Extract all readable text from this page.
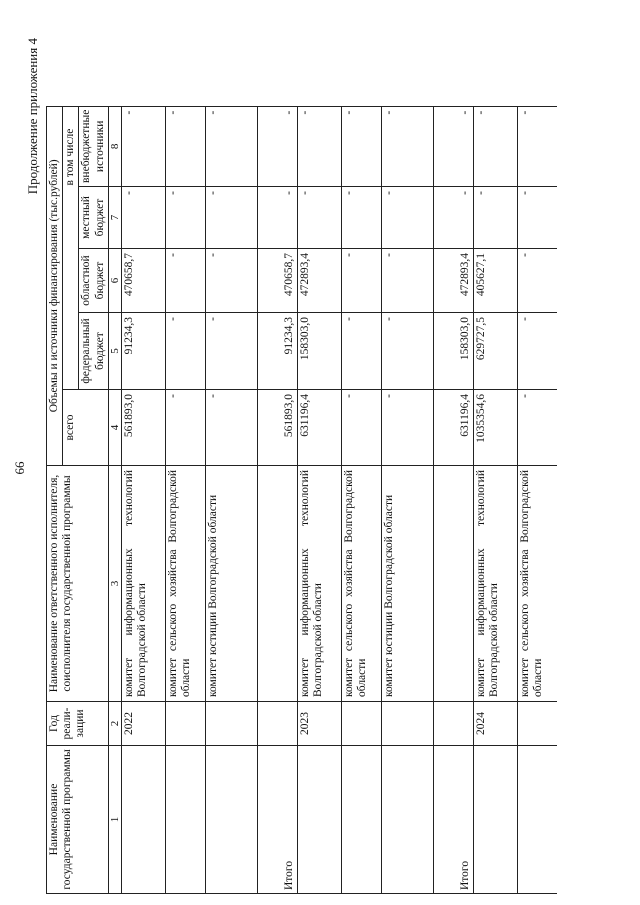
66
Продолжение приложения 4
Наименование государственной программы	Год реали-зации	Наименование ответственного исполнителя, соисполнителя государственной программы	Объемы и источники финансирования (тыс.рублей)				
			всего	в том числе			
				федеральный бюджет	областной бюджет	местный бюджет	внебюджетные источники
1	2	3	4	5	6	7	8
	2022	комитет информационных технологий Волгоградской области	561893,0	91234,3	470658,7	-	-
		комитет сельского хозяйства Волгоградской области	-	-	-	-	-
		комитет юстиции Волгоградской области	-	-	-	-	-
Итого			561893,0	91234,3	470658,7	-	-
	2023	комитет информационных технологий Волгоградской области	631196,4	158303,0	472893,4	-	-
		комитет сельского хозяйства Волгоградской области	-	-	-	-	-
		комитет юстиции Волгоградской области	-	-	-	-	-
Итого			631196,4	158303,0	472893,4	-	-
	2024	комитет информационных технологий Волгоградской области	1035354,6	629727,5	405627,1	-	-
		комитет сельского хозяйства Волгоградской области	-	-	-	-	-
